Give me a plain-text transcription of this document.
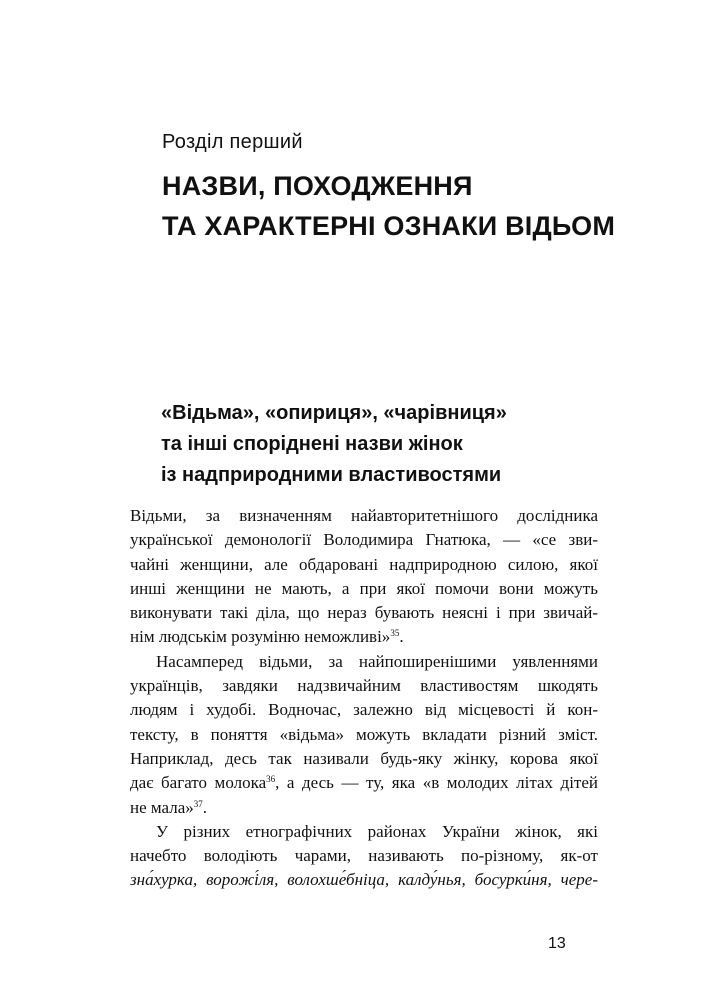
Розділ перший
НАЗВИ, ПОХОДЖЕННЯ
ТА ХАРАКТЕРНІ ОЗНАКИ ВІДЬОМ
«Відьма», «опириця», «чарівниця»
та інші споріднені назви жінок
із надприродними властивостями

Відьми, за визначенням найавторитетнішого дослідника
української демонології Володимира Гнатюка, — «се зви-
чайні женщини, але обдаровані надприродною силою, якої
инші женщини не мають, а при якої помочи вони можуть
виконувати такі діла, що нераз бувають неясні і при звичай-
нім людськім розуміню неможливі»$^{35}$.

Насамперед відьми, за найпоширенішими уявленнями
українців, завдяки надзвичайним властивостям шкодять
людям і худобі. Водночас, залежно від місцевості й кон-
тексту, в поняття «відьма» можуть вкладати різний зміст.
Наприклад, десь так називали будь-яку жінку, корова якої
дає багато молока$^{36}$, а десь — ту, яка «в молодих літах дітей
не мала»$^{37}$.

У різних етнографічних районах України жінок, які
начебто володіють чарами, називають по-різному, як-от
зна́хурка, ворожі́ля, волохше́бніца, калду́нья, босурки́ня, чере-

13
